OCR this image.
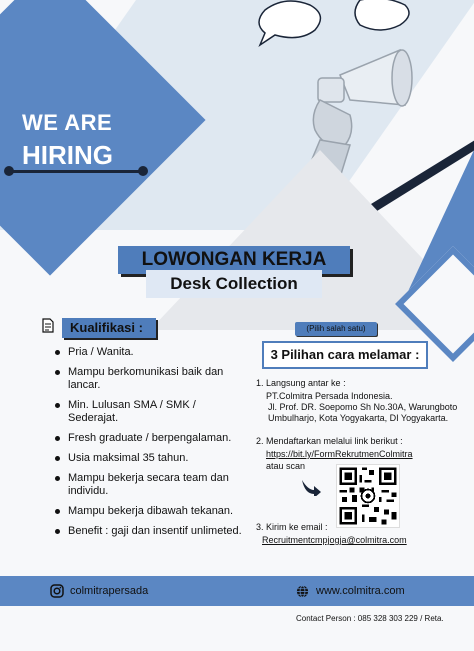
WE ARE
HIRING
LOWONGAN KERJA
Desk Collection
Kualifikasi :
Pria / Wanita.
Mampu berkomunikasi baik dan lancar.
Min. Lulusan SMA / SMK / Sederajat.
Fresh graduate / berpengalaman.
Usia maksimal 35 tahun.
Mampu bekerja secara team dan individu.
Mampu bekerja dibawah tekanan.
Benefit : gaji dan insentif unlimeted.
(Pilih salah satu)
3 Pilihan cara melamar :
1. Langsung antar ke :
PT.Colmitra Persada Indonesia.
Jl. Prof. DR. Soepomo Sh No.30A, Warungboto Umbulharjo, Kota Yogyakarta, DI Yogyakarta.
2. Mendaftarkan melalui link berikut :
https://bit.ly/FormRekrutmenColmitra
atau scan
3. Kirim ke email :
Recruitmentcmpjogja@colmitra.com
colmitrapersada	www.colmitra.com
Contact Person : 085 328 303 229 / Reta.
